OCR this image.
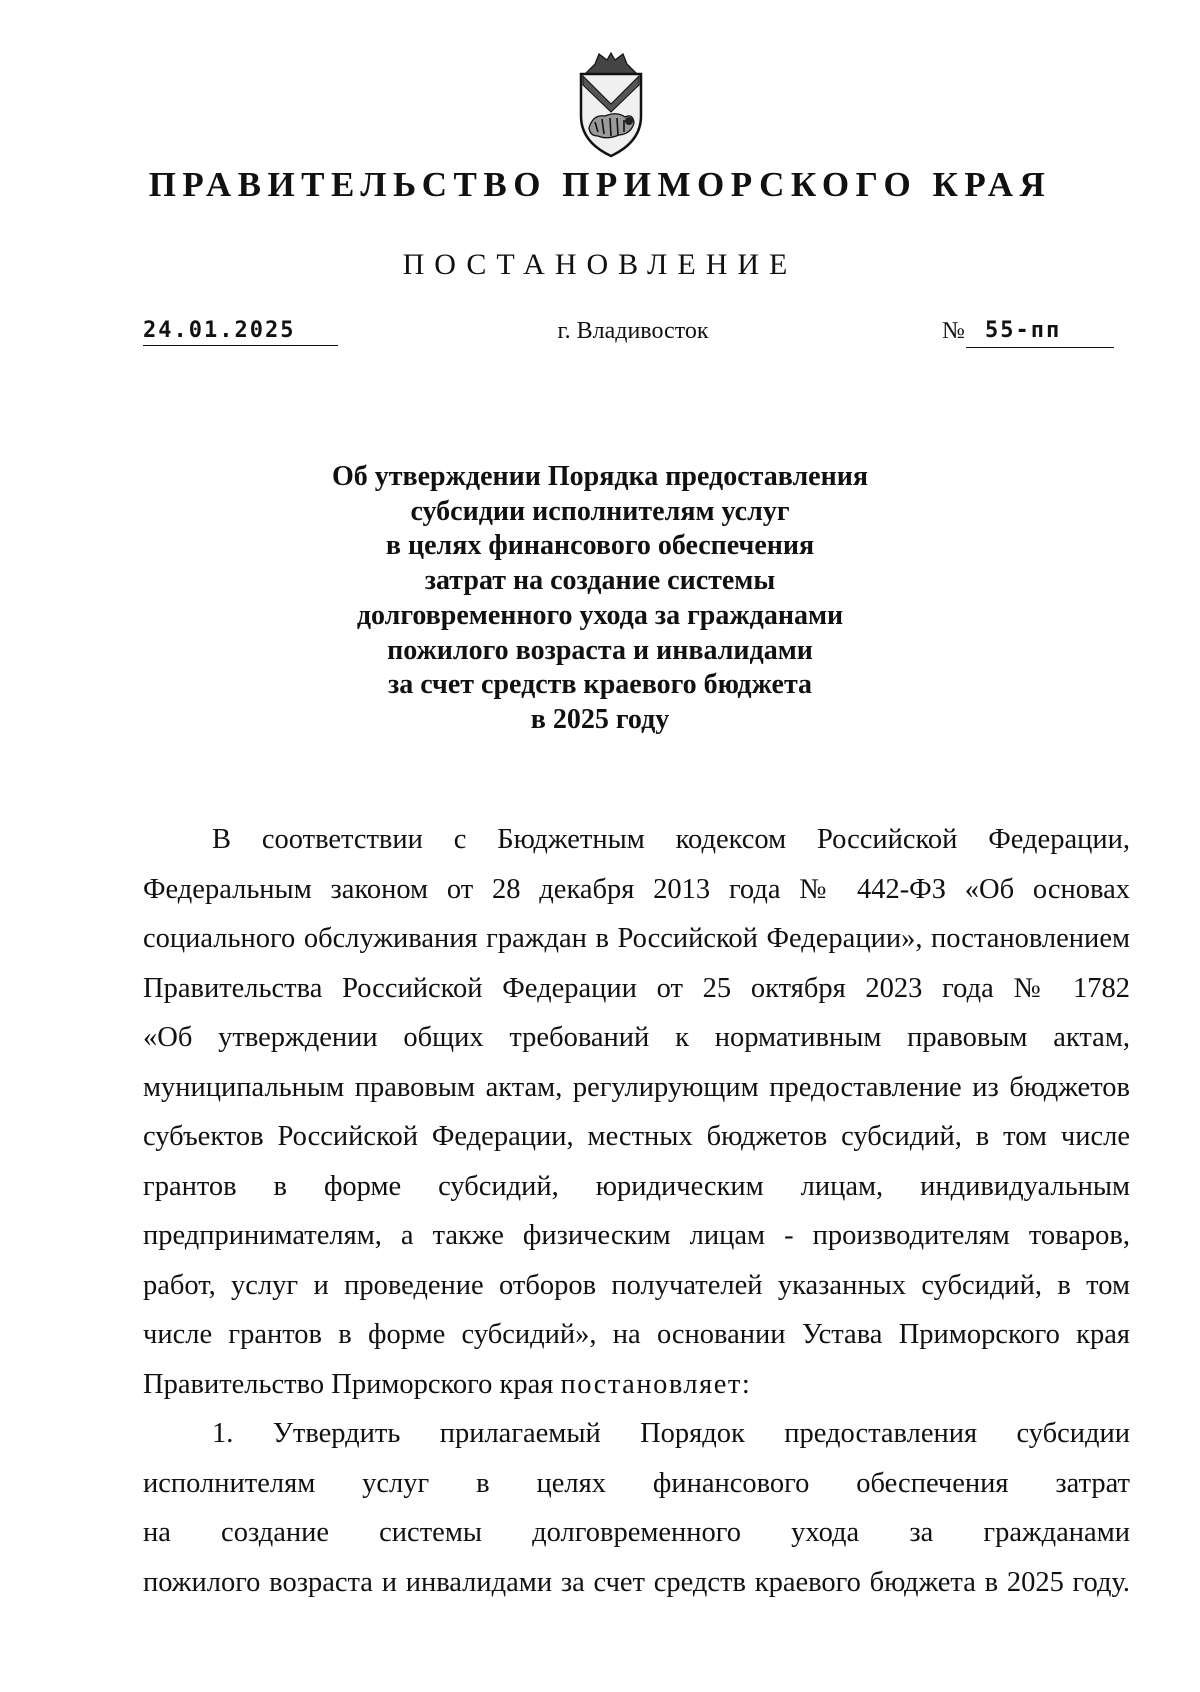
ПРАВИТЕЛЬСТВО ПРИМОРСКОГО КРАЯ
ПОСТАНОВЛЕНИЕ
24.01.2025	г. Владивосток	№ 55-пп
Об утверждении Порядка предоставления
субсидии исполнителям услуг
в целях финансового обеспечения
затрат на создание системы
долговременного ухода за гражданами
пожилого возраста и инвалидами
за счет средств краевого бюджета
в 2025 году
В соответствии с Бюджетным кодексом Российской Федерации,
Федеральным законом от 28 декабря 2013 года № 442-ФЗ «Об основах
социального обслуживания граждан в Российской Федерации», постановлением
Правительства Российской Федерации от 25 октября 2023 года № 1782
«Об утверждении общих требований к нормативным правовым актам,
муниципальным правовым актам, регулирующим предоставление из бюджетов
субъектов Российской Федерации, местных бюджетов субсидий, в том числе
грантов в форме субсидий, юридическим лицам, индивидуальным
предпринимателям, а также физическим лицам - производителям товаров,
работ, услуг и проведение отборов получателей указанных субсидий, в том
числе грантов в форме субсидий», на основании Устава Приморского края
Правительство Приморского края постановляет:
1. Утвердить прилагаемый Порядок предоставления субсидии
исполнителям услуг в целях финансового обеспечения затрат
на создание системы долговременного ухода за гражданами
пожилого возраста и инвалидами за счет средств краевого бюджета в 2025 году.
